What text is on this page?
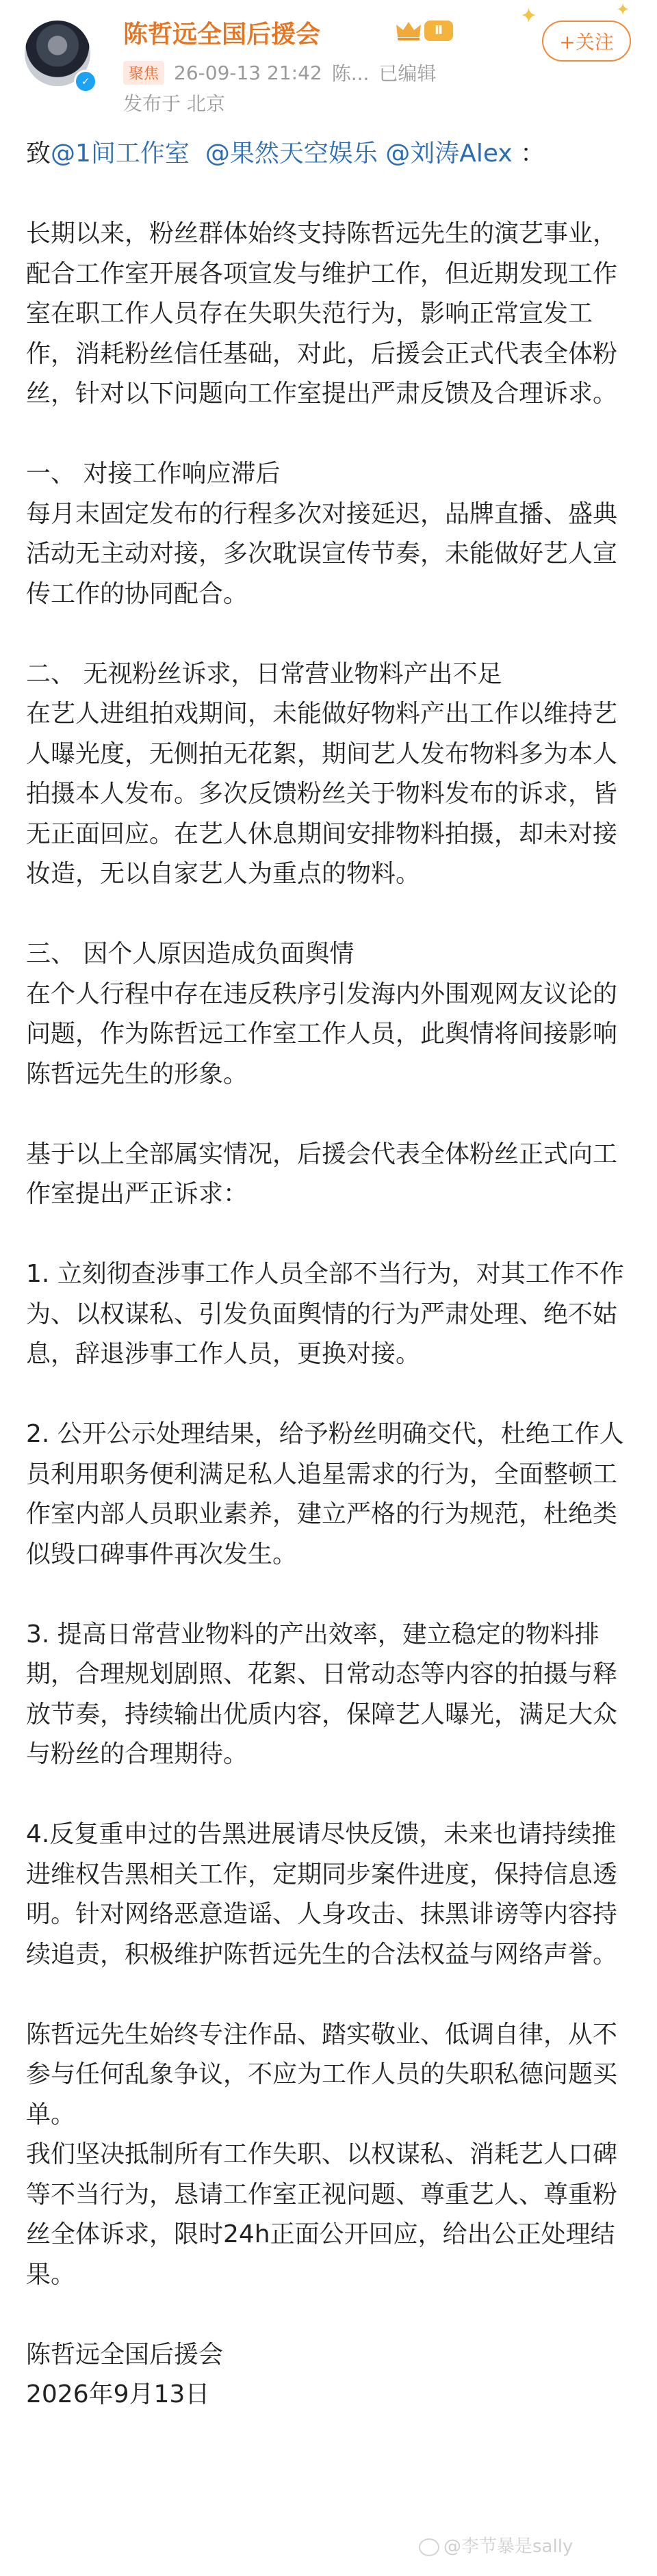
✓
陈哲远全国后援会	Ⅱ
聚焦 26-09-13 21:42 陈... 已编辑
发布于 北京
✦	✦
+关注
致@1间工作室 @果然天空娱乐 @刘涛Alex ：
长期以来，粉丝群体始终支持陈哲远先生的演艺事业，配合工作室开展各项宣发与维护工作，但近期发现工作室在职工作人员存在失职失范行为，影响正常宣发工作，消耗粉丝信任基础，对此，后援会正式代表全体粉丝，针对以下问题向工作室提出严肃反馈及合理诉求。
一、 对接工作响应滞后
每月末固定发布的行程多次对接延迟，品牌直播、盛典活动无主动对接，多次耽误宣传节奏，未能做好艺人宣传工作的协同配合。
二、 无视粉丝诉求，日常营业物料产出不足
在艺人进组拍戏期间，未能做好物料产出工作以维持艺人曝光度，无侧拍无花絮，期间艺人发布物料多为本人拍摄本人发布。多次反馈粉丝关于物料发布的诉求，皆无正面回应。在艺人休息期间安排物料拍摄，却未对接妆造，无以自家艺人为重点的物料。
三、 因个人原因造成负面舆情
在个人行程中存在违反秩序引发海内外围观网友议论的问题，作为陈哲远工作室工作人员，此舆情将间接影响陈哲远先生的形象。
基于以上全部属实情况，后援会代表全体粉丝正式向工作室提出严正诉求：
1. 立刻彻查涉事工作人员全部不当行为，对其工作不作为、以权谋私、引发负面舆情的行为严肃处理、绝不姑息，辞退涉事工作人员，更换对接。
2. 公开公示处理结果，给予粉丝明确交代，杜绝工作人员利用职务便利满足私人追星需求的行为，全面整顿工作室内部人员职业素养，建立严格的行为规范，杜绝类似毁口碑事件再次发生。
3. 提高日常营业物料的产出效率，建立稳定的物料排期，合理规划剧照、花絮、日常动态等内容的拍摄与释放节奏，持续输出优质内容，保障艺人曝光，满足大众与粉丝的合理期待。
4.反复重申过的告黑进展请尽快反馈，未来也请持续推进维权告黑相关工作，定期同步案件进度，保持信息透明。针对网络恶意造谣、人身攻击、抹黑诽谤等内容持续追责，积极维护陈哲远先生的合法权益与网络声誉。
陈哲远先生始终专注作品、踏实敬业、低调自律，从不参与任何乱象争议，不应为工作人员的失职私德问题买单。
我们坚决抵制所有工作失职、以权谋私、消耗艺人口碑等不当行为，恳请工作室正视问题、尊重艺人、尊重粉丝全体诉求，限时24h正面公开回应，给出公正处理结果。
陈哲远全国后援会
2026年9月13日
@李节暴是sally
